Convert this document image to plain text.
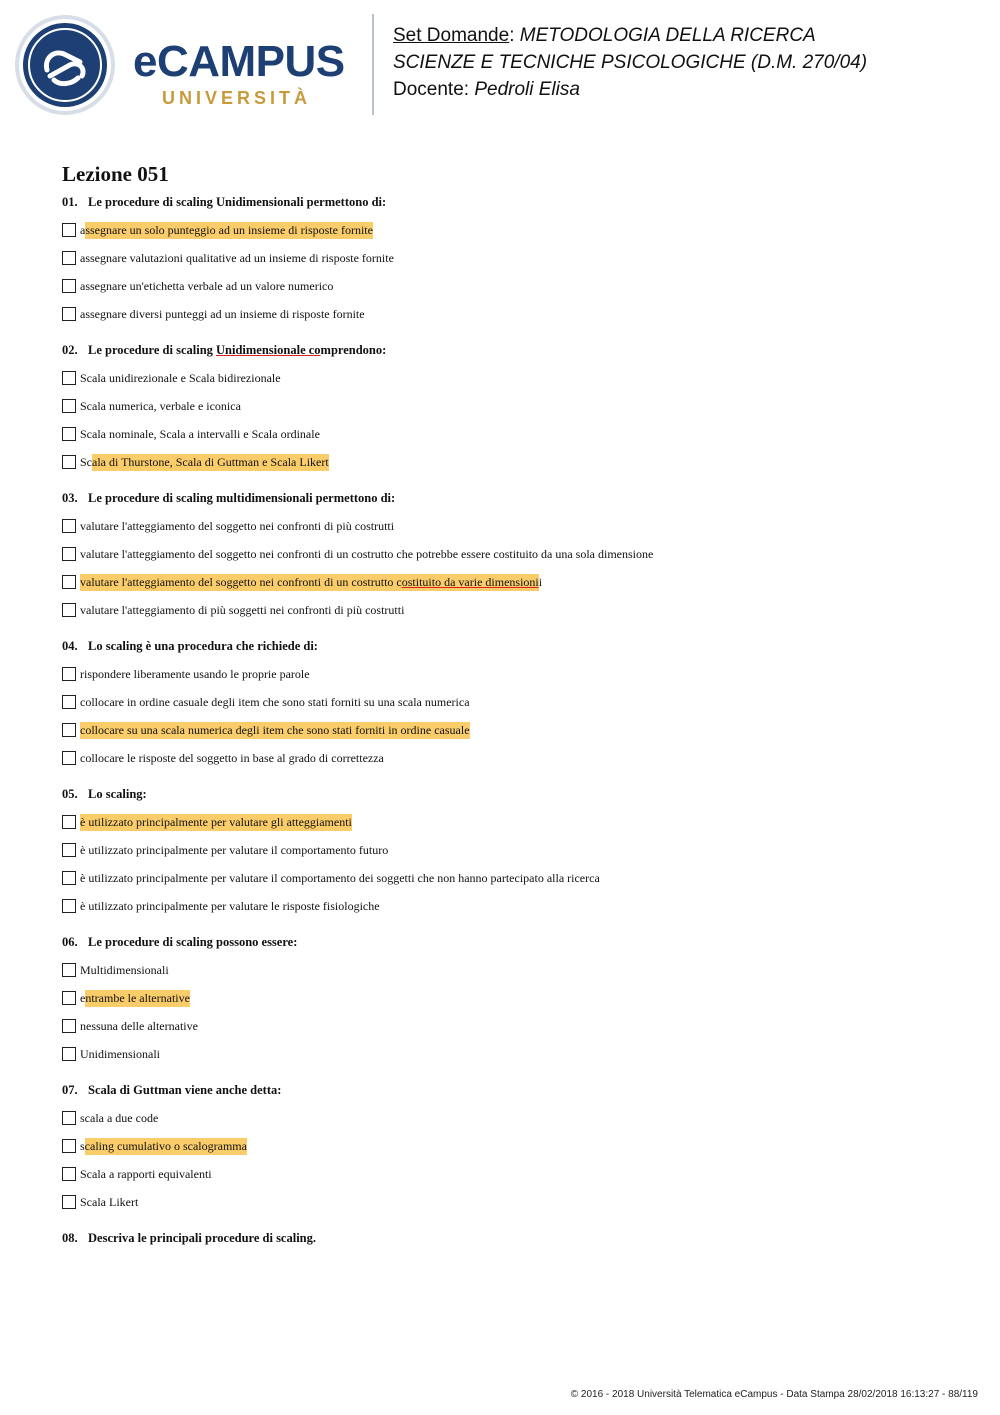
eCAMPUS
UNIVERSITÀ
Set Domande: METODOLOGIA DELLA RICERCA
SCIENZE E TECNICHE PSICOLOGICHE (D.M. 270/04)
Docente: Pedroli Elisa
Lezione 051
01. Le procedure di scaling Unidimensionali permettono di:
a ssegnare un solo punteggio ad un insieme di risposte fornite
assegnare valutazioni qualitative ad un insieme di risposte fornite
assegnare un'etichetta verbale ad un valore numerico
assegnare diversi punteggi ad un insieme di risposte fornite
02. Le procedure di scaling Unidimensionale comprendono:
Scala unidirezionale e Scala bidirezionale
Scala numerica, verbale e iconica
Scala nominale, Scala a intervalli e Scala ordinale
Sc ala di Thurstone, Scala di Guttman e Scala Likert
03. Le procedure di scaling multidimensionali permettono di:
valutare l'atteggiamento del soggetto nei confronti di più costrutti
valutare l'atteggiamento del soggetto nei confronti di un costrutto che potrebbe essere costituito da una sola dimensione
valutare l'atteggiamento del soggetto nei confronti di un costrutto c ostituito da varie dimensioni i
valutare l'atteggiamento di più soggetti nei confronti di più costrutti
04. Lo scaling è una procedura che richiede di:
rispondere liberamente usando le proprie parole
collocare in ordine casuale degli item che sono stati forniti su una scala numerica
collocare su una scala numerica degli item che sono stati forniti in ordine casuale
collocare le risposte del soggetto in base al grado di correttezza
05. Lo scaling:
è utilizzato principalmente per valutare gli atteggiamenti
è utilizzato principalmente per valutare il comportamento futuro
è utilizzato principalmente per valutare il comportamento dei soggetti che non hanno partecipato alla ricerca
è utilizzato principalmente per valutare le risposte fisiologiche
06. Le procedure di scaling possono essere:
Multidimensionali
e ntrambe le alternative
nessuna delle alternative
Unidimensionali
07. Scala di Guttman viene anche detta:
scala a due code
s caling cumulativo o scalogramma
Scala a rapporti equivalenti
Scala Likert
08. Descriva le principali procedure di scaling.
© 2016 - 2018 Università Telematica eCampus - Data Stampa 28/02/2018 16:13:27 - 88/119
